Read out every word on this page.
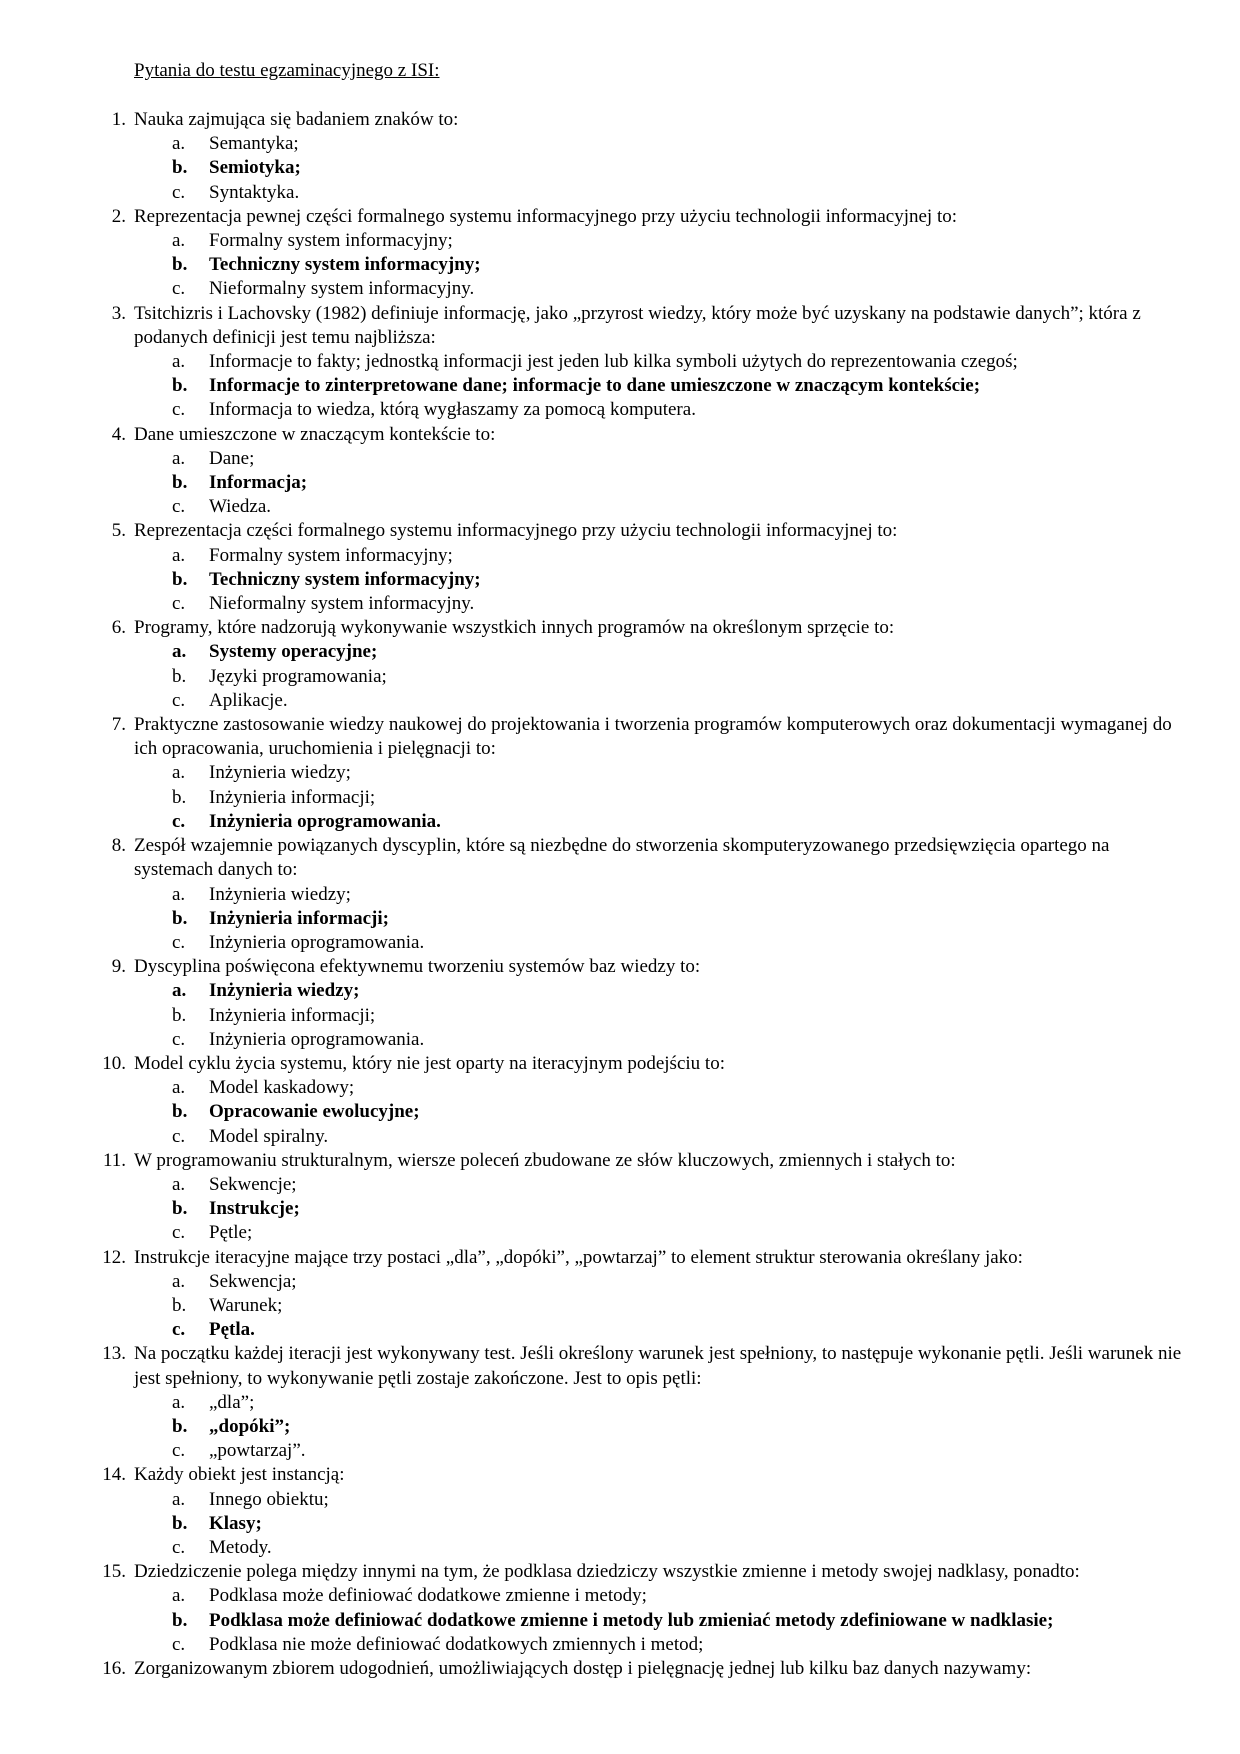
Pytania do testu egzaminacyjnego z ISI:
1. Nauka zajmująca się badaniem znaków to:
a. Semantyka;
b. Semiotyka;
c. Syntaktyka.
2. Reprezentacja pewnej części formalnego systemu informacyjnego przy użyciu technologii informacyjnej to:
a. Formalny system informacyjny;
b. Techniczny system informacyjny;
c. Nieformalny system informacyjny.
3. Tsitchizris i Lachovsky (1982) definiuje informację, jako „przyrost wiedzy, który może być uzyskany na podstawie danych”; która z podanych definicji jest temu najbliższa:
a. Informacje to fakty; jednostką informacji jest jeden lub kilka symboli użytych do reprezentowania czegoś;
b. Informacje to zinterpretowane dane; informacje to dane umieszczone w znaczącym kontekście;
c. Informacja to wiedza, którą wygłaszamy za pomocą komputera.
4. Dane umieszczone w znaczącym kontekście to:
a. Dane;
b. Informacja;
c. Wiedza.
5. Reprezentacja części formalnego systemu informacyjnego przy użyciu technologii informacyjnej to:
a. Formalny system informacyjny;
b. Techniczny system informacyjny;
c. Nieformalny system informacyjny.
6. Programy, które nadzorują wykonywanie wszystkich innych programów na określonym sprzęcie to:
a. Systemy operacyjne;
b. Języki programowania;
c. Aplikacje.
7. Praktyczne zastosowanie wiedzy naukowej do projektowania i tworzenia programów komputerowych oraz dokumentacji wymaganej do ich opracowania, uruchomienia i pielęgnacji to:
a. Inżynieria wiedzy;
b. Inżynieria informacji;
c. Inżynieria oprogramowania.
8. Zespół wzajemnie powiązanych dyscyplin, które są niezbędne do stworzenia skomputeryzowanego przedsięwzięcia opartego na systemach danych to:
a. Inżynieria wiedzy;
b. Inżynieria informacji;
c. Inżynieria oprogramowania.
9. Dyscyplina poświęcona efektywnemu tworzeniu systemów baz wiedzy to:
a. Inżynieria wiedzy;
b. Inżynieria informacji;
c. Inżynieria oprogramowania.
10. Model cyklu życia systemu, który nie jest oparty na iteracyjnym podejściu to:
a. Model kaskadowy;
b. Opracowanie ewolucyjne;
c. Model spiralny.
11. W programowaniu strukturalnym, wiersze poleceń zbudowane ze słów kluczowych, zmiennych i stałych to:
a. Sekwencje;
b. Instrukcje;
c. Pętle;
12. Instrukcje iteracyjne mające trzy postaci „dla”, „dopóki”, „powtarzaj” to element struktur sterowania określany jako:
a. Sekwencja;
b. Warunek;
c. Pętla.
13. Na początku każdej iteracji jest wykonywany test. Jeśli określony warunek jest spełniony, to następuje wykonanie pętli. Jeśli warunek nie jest spełniony, to wykonywanie pętli zostaje zakończone. Jest to opis pętli:
a. „dla”;
b. „dopóki”;
c. „powtarzaj”.
14. Każdy obiekt jest instancją:
a. Innego obiektu;
b. Klasy;
c. Metody.
15. Dziedziczenie polega między innymi na tym, że podklasa dziedziczy wszystkie zmienne i metody swojej nadklasy, ponadto:
a. Podklasa może definiować dodatkowe zmienne i metody;
b. Podklasa może definiować dodatkowe zmienne i metody lub zmieniać metody zdefiniowane w nadklasie;
c. Podklasa nie może definiować dodatkowych zmiennych i metod;
16. Zorganizowanym zbiorem udogodnień, umożliwiających dostęp i pielęgnację jednej lub kilku baz danych nazywamy:
